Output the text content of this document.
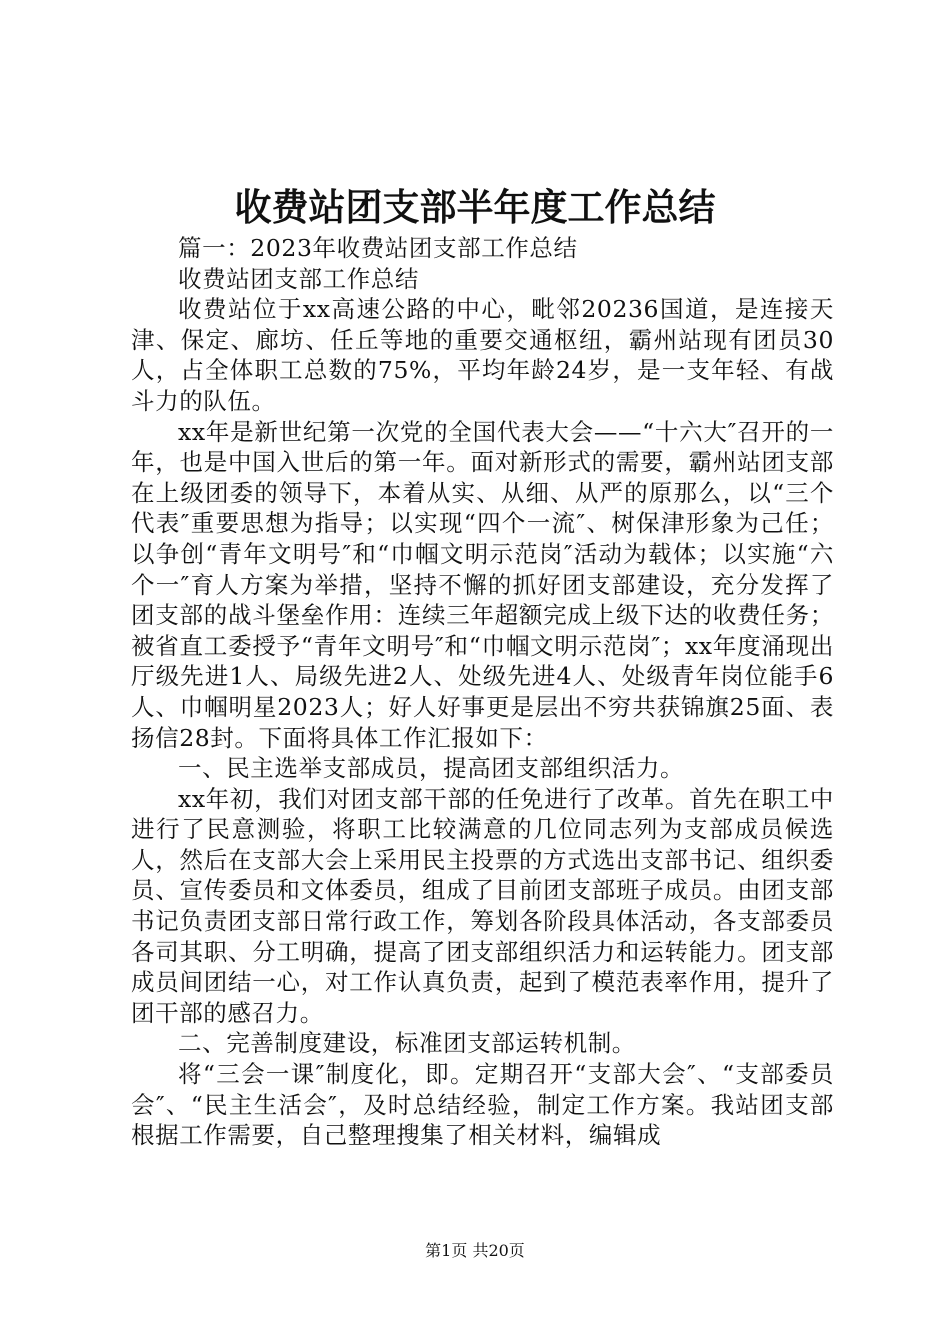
收费站团支部半年度工作总结

篇一：2023年收费站团支部工作总结

收费站团支部工作总结

收费站位于xx高速公路的中心，毗邻20236国道，是连接天津、保定、廊坊、任丘等地的重要交通枢纽，霸州站现有团员30人，占全体职工总数的75%，平均年龄24岁，是一支年轻、有战斗力的队伍。

xx年是新世纪第一次党的全国代表大会——“十六大″召开的一年，也是中国入世后的第一年。面对新形式的需要，霸州站团支部在上级团委的领导下，本着从实、从细、从严的原那么，以“三个代表″重要思想为指导；以实现“四个一流″、树保津形象为己任；以争创“青年文明号″和“巾帼文明示范岗″活动为载体；以实施“六个一″育人方案为举措，坚持不懈的抓好团支部建设，充分发挥了团支部的战斗堡垒作用：连续三年超额完成上级下达的收费任务；被省直工委授予“青年文明号″和“巾帼文明示范岗″；xx年度涌现出厅级先进1人、局级先进2人、处级先进4人、处级青年岗位能手6人、巾帼明星2023人；好人好事更是层出不穷共获锦旗25面、表扬信28封。下面将具体工作汇报如下：

一、民主选举支部成员，提高团支部组织活力。

xx年初，我们对团支部干部的任免进行了改革。首先在职工中进行了民意测验，将职工比较满意的几位同志列为支部成员候选人，然后在支部大会上采用民主投票的方式选出支部书记、组织委员、宣传委员和文体委员，组成了目前团支部班子成员。由团支部书记负责团支部日常行政工作，筹划各阶段具体活动，各支部委员各司其职、分工明确，提高了团支部组织活力和运转能力。团支部成员间团结一心，对工作认真负责，起到了模范表率作用，提升了团干部的感召力。

二、完善制度建设，标准团支部运转机制。

将“三会一课″制度化，即。定期召开“支部大会″、“支部委员会″、“民主生活会″，及时总结经验，制定工作方案。我站团支部根据工作需要，自己整理搜集了相关材料，编辑成

第1页 共20页
